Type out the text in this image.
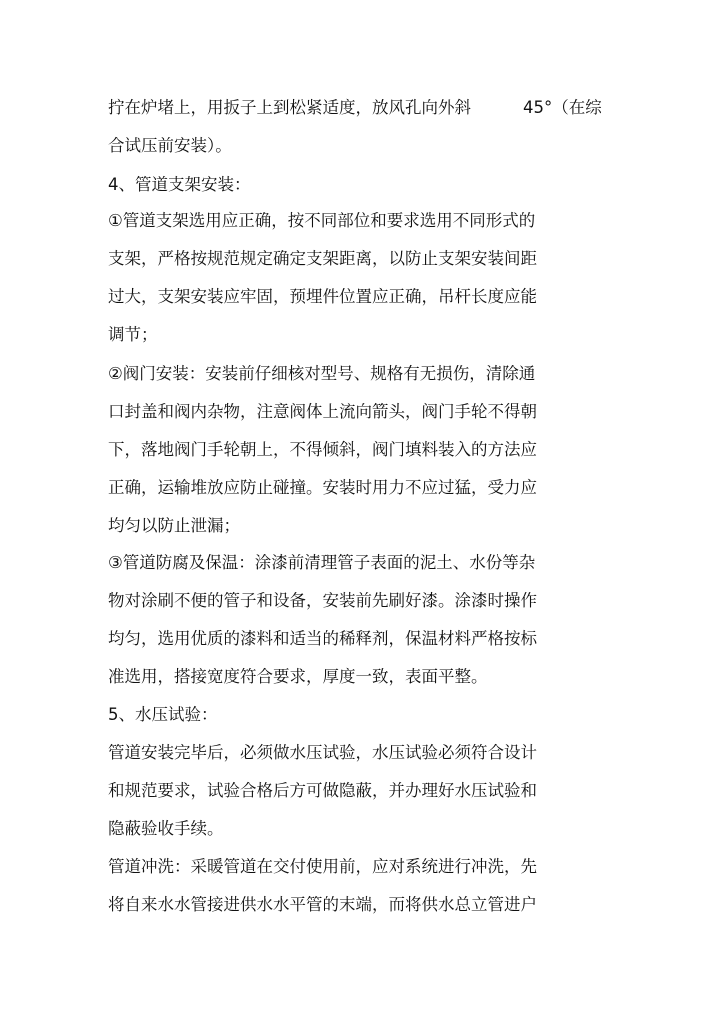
拧在炉堵上，用扳子上到松紧适度，放风孔向外斜	45°（在综

合试压前安装）。

4、管道支架安装：

①管道支架选用应正确，按不同部位和要求选用不同形式的

支架，严格按规范规定确定支架距离，以防止支架安装间距

过大，支架安装应牢固，预埋件位置应正确，吊杆长度应能

调节；

②阀门安装：安装前仔细核对型号、规格有无损伤，清除通

口封盖和阀内杂物，注意阀体上流向箭头，阀门手轮不得朝

下，落地阀门手轮朝上，不得倾斜，阀门填料装入的方法应

正确，运输堆放应防止碰撞。安装时用力不应过猛，受力应

均匀以防止泄漏；

③管道防腐及保温：涂漆前清理管子表面的泥土、水份等杂

物对涂刷不便的管子和设备，安装前先刷好漆。涂漆时操作

均匀，选用优质的漆料和适当的稀释剂，保温材料严格按标

准选用，搭接宽度符合要求，厚度一致，表面平整。

5、水压试验：

管道安装完毕后，必须做水压试验，水压试验必须符合设计

和规范要求，试验合格后方可做隐蔽，并办理好水压试验和

隐蔽验收手续。

管道冲洗：采暖管道在交付使用前，应对系统进行冲洗，先

将自来水水管接进供水水平管的末端，而将供水总立管进户
